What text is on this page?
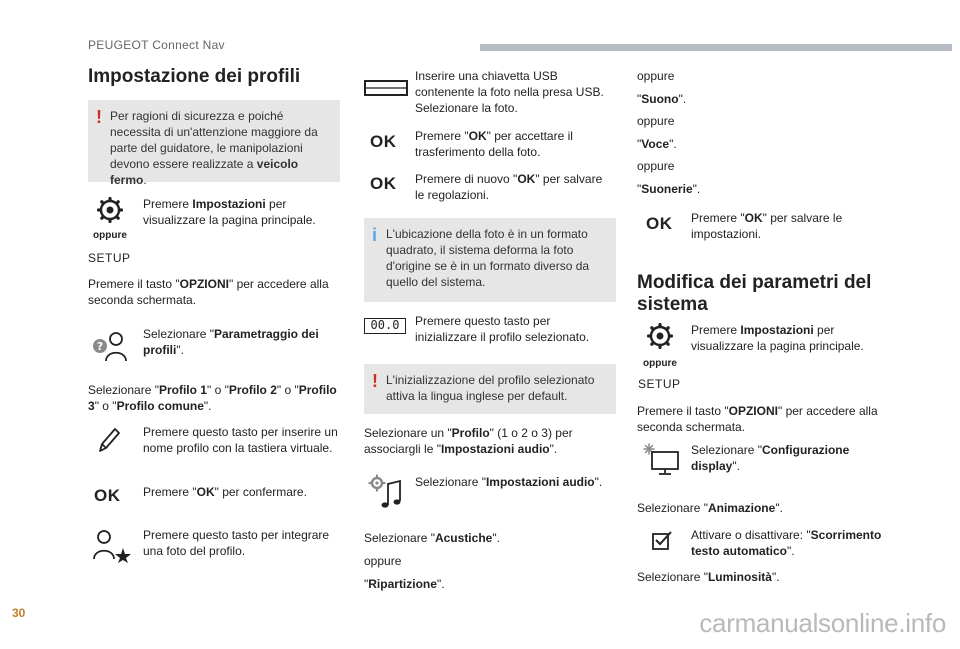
PEUGEOT Connect Nav
Impostazione dei profili
! Per ragioni di sicurezza e poiché necessita di un'attenzione maggiore da parte del guidatore, le manipolazioni devono essere realizzate a veicolo fermo.
oppure
SETUP
Premere Impostazioni per visualizzare la pagina principale.
Premere il tasto "OPZIONI" per accedere alla seconda schermata.
?
Selezionare "Parametraggio dei profili".
Selezionare "Profilo 1" o "Profilo 2" o "Profilo 3" o "Profilo comune".
Premere questo tasto per inserire un nome profilo con la tastiera virtuale.
OK Premere "OK" per confermare.
Premere questo tasto per integrare una foto del profilo.
Inserire una chiavetta USB contenente la foto nella presa USB. Selezionare la foto.
OK Premere "OK" per accettare il trasferimento della foto.
OK Premere di nuovo "OK" per salvare le regolazioni.
i L'ubicazione della foto è in un formato quadrato, il sistema deforma la foto d'origine se è in un formato diverso da quello del sistema.
00.0	Premere questo tasto per inizializzare il profilo selezionato.
! L'inizializzazione del profilo selezionato attiva la lingua inglese per default.
Selezionare un "Profilo" (1 o 2 o 3) per associargli le "Impostazioni audio".
Selezionare "Impostazioni audio".
Selezionare "Acustiche".
oppure
"Ripartizione".
oppure
"Suono".
oppure
"Voce".
oppure
"Suonerie".
OK Premere "OK" per salvare le impostazioni.
Modifica dei parametri del sistema
oppure
SETUP
Premere Impostazioni per visualizzare la pagina principale.
Premere il tasto "OPZIONI" per accedere alla seconda schermata.
Selezionare "Configurazione display".
Selezionare "Animazione".
Attivare o disattivare: "Scorrimento testo automatico".
Selezionare "Luminosità".
30	carmanualsonline.info
